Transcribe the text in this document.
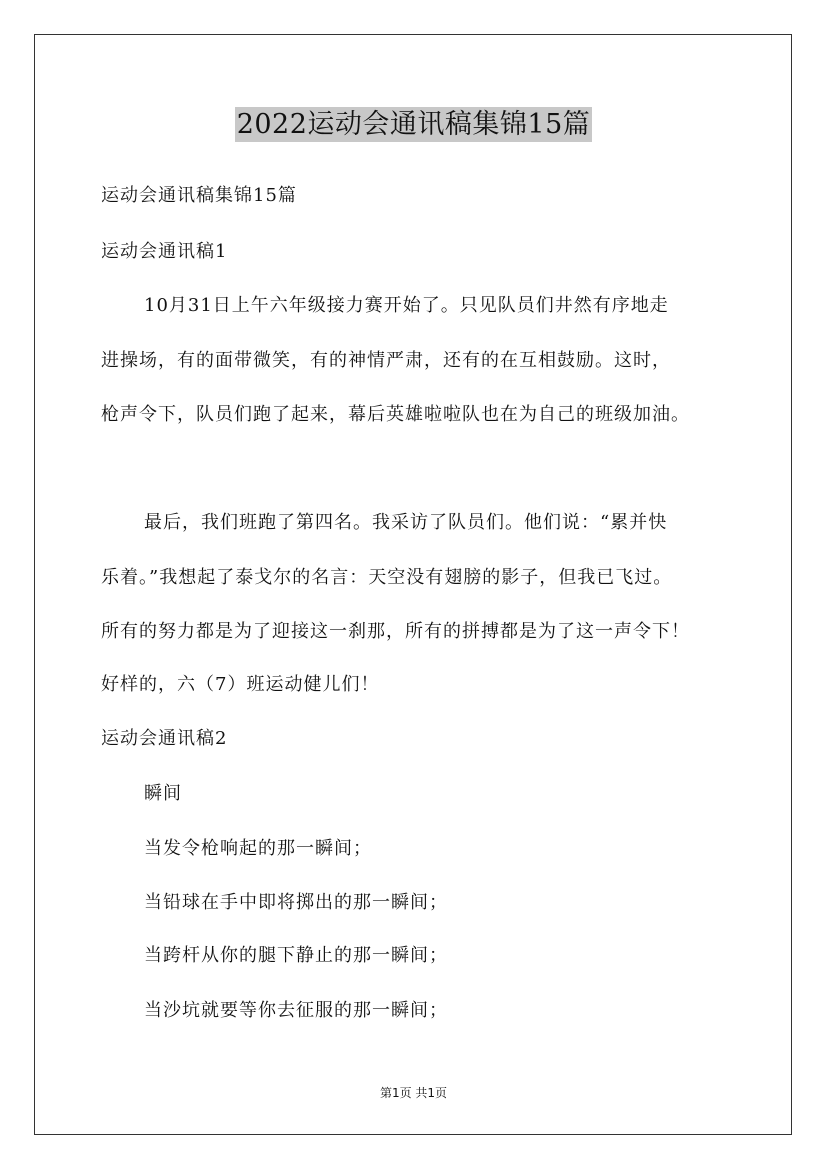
2022运动会通讯稿集锦15篇
运动会通讯稿集锦15篇
运动会通讯稿1
10月31日上午六年级接力赛开始了。只见队员们井然有序地走
进操场，有的面带微笑，有的神情严肃，还有的在互相鼓励。这时，
枪声令下，队员们跑了起来，幕后英雄啦啦队也在为自己的班级加油。
最后，我们班跑了第四名。我采访了队员们。他们说：“累并快
乐着。”我想起了泰戈尔的名言：天空没有翅膀的影子，但我已飞过。
所有的努力都是为了迎接这一刹那，所有的拼搏都是为了这一声令下！
好样的，六（7）班运动健儿们！
运动会通讯稿2
瞬间
当发令枪响起的那一瞬间；
当铅球在手中即将掷出的那一瞬间；
当跨杆从你的腿下静止的那一瞬间；
当沙坑就要等你去征服的那一瞬间；
第1页 共1页
